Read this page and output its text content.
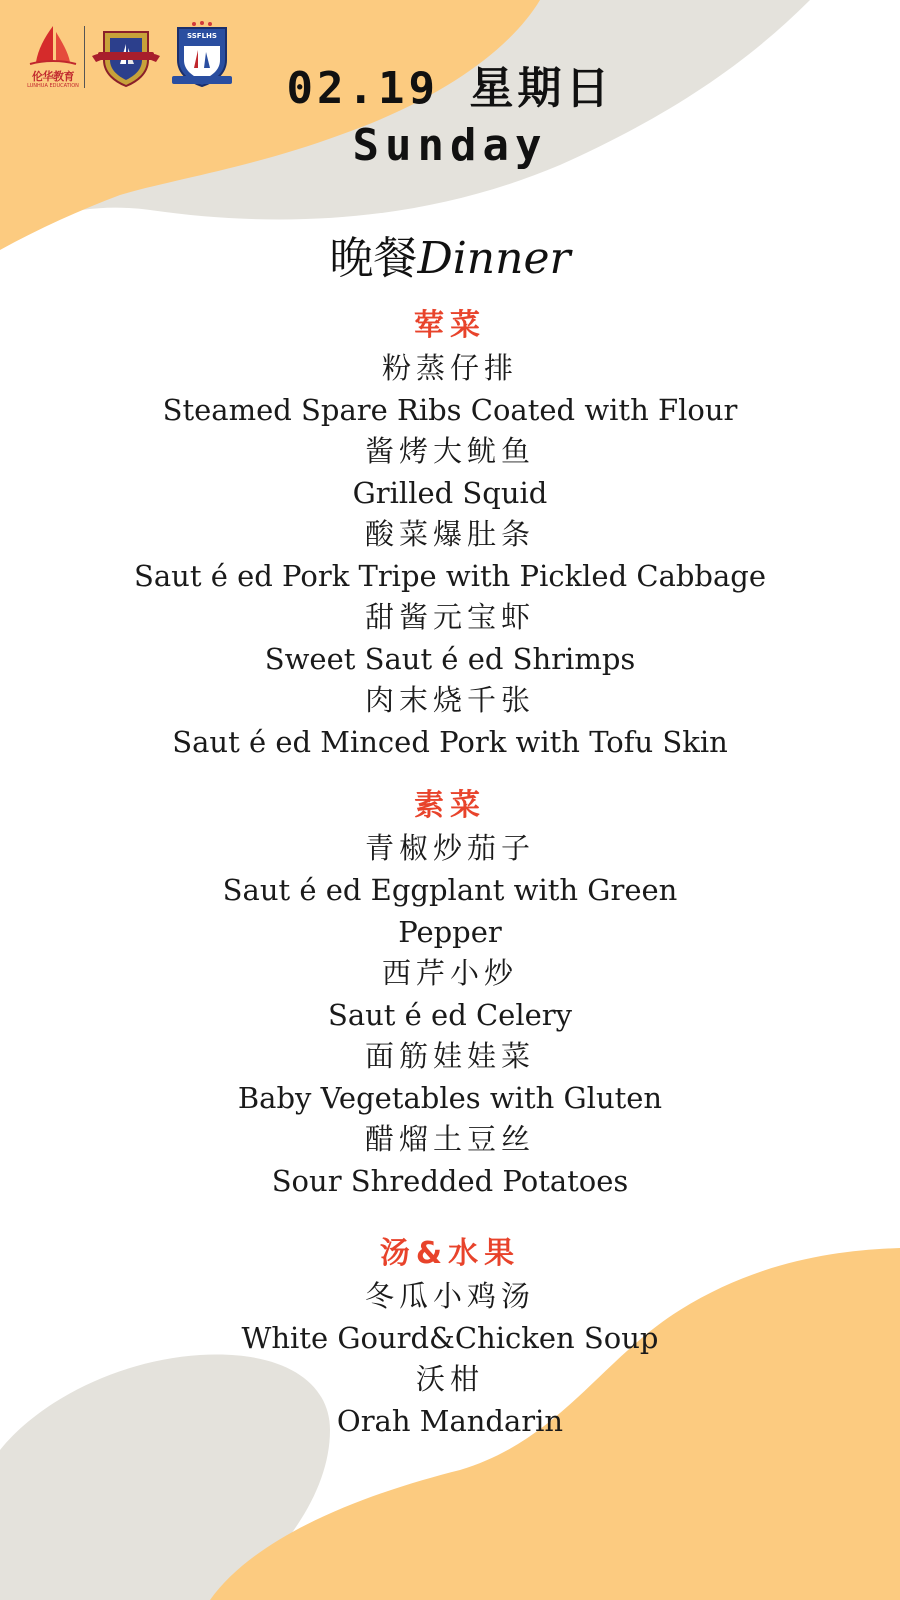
伦华教育
LUNHUA EDUCATION
SSFLHS
02.19 星期日
Sunday
晚餐Dinner
荤菜
粉蒸仔排
Steamed Spare Ribs Coated with Flour
酱烤大鱿鱼
Grilled Squid
酸菜爆肚条
Saut é ed Pork Tripe with Pickled Cabbage
甜酱元宝虾
Sweet Saut é ed Shrimps
肉末烧千张
Saut é ed Minced Pork with Tofu Skin
素菜
青椒炒茄子
Saut é ed Eggplant with Green
Pepper
西芹小炒
Saut é ed Celery
面筋娃娃菜
Baby Vegetables with Gluten
醋熘土豆丝
Sour Shredded Potatoes
汤&水果
冬瓜小鸡汤
White Gourd&Chicken Soup
沃柑
Orah Mandarin
